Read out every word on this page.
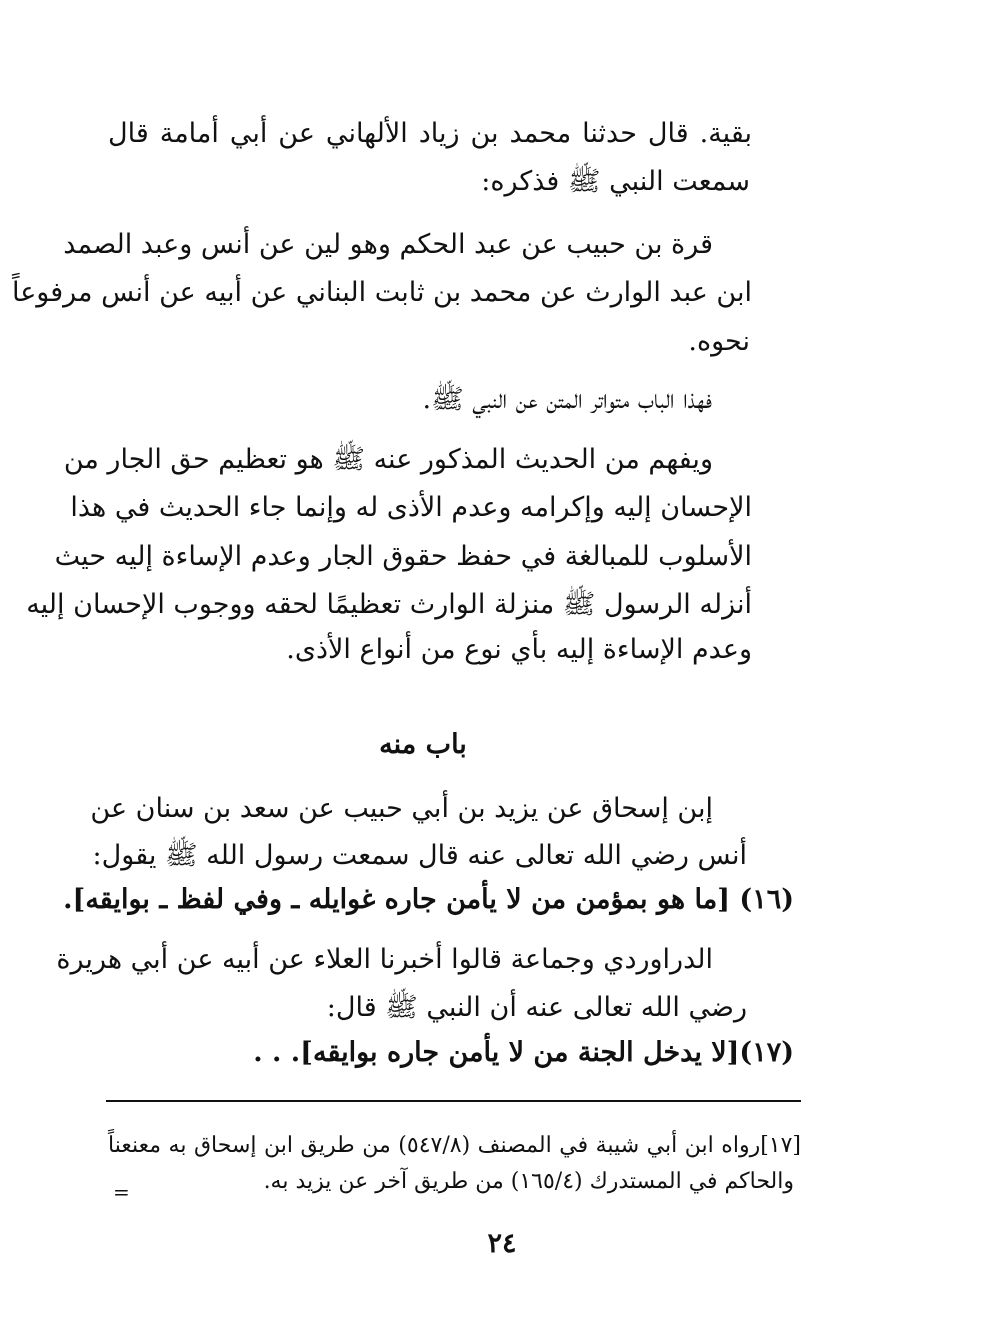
بقية. قال حدثنا محمد بن زياد الألهاني عن أبي أمامة قال
سمعت النبي ﷺ فذكره:
قرة بن حبيب عن عبد الحكم وهو لين عن أنس وعبد الصمد
ابن عبد الوارث عن محمد بن ثابت البناني عن أبيه عن أنس مرفوعاً
نحوه.
فهذا الباب متواتر المتن عن النبي ﷺ.
ويفهم من الحديث المذكور عنه ﷺ هو تعظيم حق الجار من
الإحسان إليه وإكرامه وعدم الأذى له وإنما جاء الحديث في هذا
الأسلوب للمبالغة في حفظ حقوق الجار وعدم الإساءة إليه حيث
أنزله الرسول ﷺ منزلة الوارث تعظيمًا لحقه ووجوب الإحسان إليه
وعدم الإساءة إليه بأي نوع من أنواع الأذى.
باب منه
إبن إسحاق عن يزيد بن أبي حبيب عن سعد بن سنان عن
أنس رضي الله تعالى عنه قال سمعت رسول الله ﷺ يقول:
(١٦) [ما هو بمؤمن من لا يأمن جاره غوايله ـ وفي لفظ ـ بوايقه].
الدراوردي وجماعة قالوا أخبرنا العلاء عن أبيه عن أبي هريرة
رضي الله تعالى عنه أن النبي ﷺ قال:
(١٧)[لا يدخل الجنة من لا يأمن جاره بوايقه]. . .
[١٧]رواه ابن أبي شيبة في المصنف (٥٤٧/٨) من طريق ابن إسحاق به معنعناً
والحاكم في المستدرك (١٦٥/٤) من طريق آخر عن يزيد به.
=
٢٤
